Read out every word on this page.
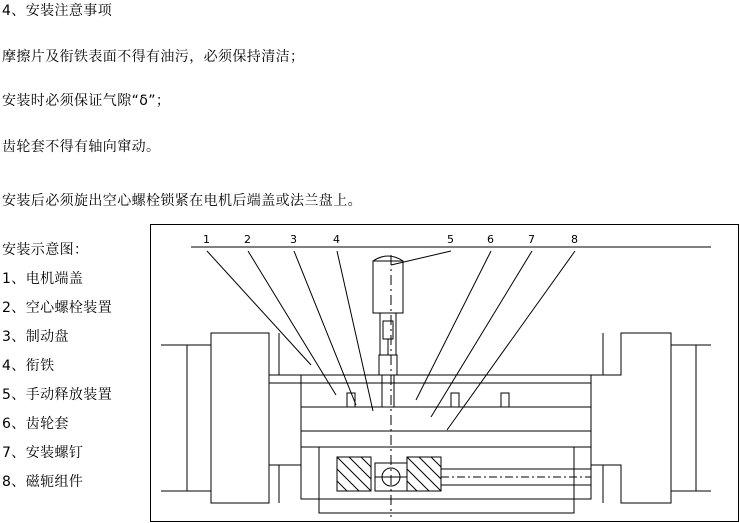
4、安装注意事项
摩擦片及衔铁表面不得有油污，必须保持清洁；
安装时必须保证气隙“δ”；
齿轮套不得有轴向窜动。
安装后必须旋出空心螺栓锁紧在电机后端盖或法兰盘上。
安装示意图：
1、电机端盖
2、空心螺栓装置
3、制动盘
4、衔铁
5、手动释放装置
6、齿轮套
7、安装螺钉
8、磁轭组件
1	2	3	4	5	6	7	8
